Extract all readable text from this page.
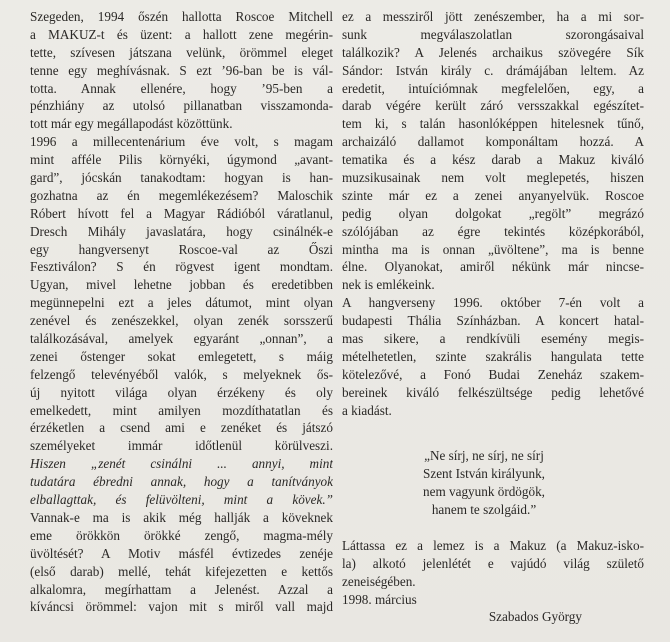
Szegeden, 1994 őszén hallotta Roscoe Mitchell
a MAKUZ-t és üzent: a hallott zene megérin-
tette, szívesen játszana velünk, örömmel eleget
tenne egy meghívásnak. S ezt ’96-ban be is vál-
totta. Annak ellenére, hogy ’95-ben a
pénzhiány az utolsó pillanatban visszamonda-
tott már egy megállapodást közöttünk.
1996 a millecentenárium éve volt, s magam
mint afféle Pilis környéki, úgymond „avant-
gard”, jócskán tanakodtam: hogyan is han-
gozhatna az én megemlékezésem? Maloschik
Róbert hívott fel a Magyar Rádióból váratlanul,
Dresch Mihály javaslatára, hogy csinálnék-e
egy hangversenyt Roscoe-val az Őszi
Fesztiválon? S én rögvest igent mondtam.
Ugyan, mivel lehetne jobban és eredetibben
megünnepelni ezt a jeles dátumot, mint olyan
zenével és zenészekkel, olyan zenék sorsszerű
találkozásával, amelyek egyaránt „onnan”, a
zenei őstenger sokat emlegetett, s máig
felzengő televényéből valók, s melyeknek ős-
új nyitott világa olyan érzékeny és oly
emelkedett, mint amilyen mozdíthatatlan és
érzéketlen a csend ami e zenéket és játszó
személyeket immár időtlenül körülveszi.
Hiszen „zenét csinálni ... annyi, mint
tudatára ébredni annak, hogy a tanítványok
elballagttak, és felüvölteni, mint a kövek.”
Vannak-e ma is akik még hallják a köveknek
eme örökkön örökké zengő, magma-mély
üvöltését? A Motiv másfél évtizedes zenéje
(első darab) mellé, tehát kifejezetten e kettős
alkalomra, megírhattam a Jelenést. Azzal a
kíváncsi örömmel: vajon mit s miről vall majd
ez a messziről jött zenészember, ha a mi sor-
sunk megválaszolatlan szorongásaival
találkozik? A Jelenés archaikus szövegére Sík
Sándor: István király c. drámájában leltem. Az
eredetit, intuíciómnak megfelelően, egy, a
darab végére került záró versszakkal egészítet-
tem ki, s talán hasonlóképpen hitelesnek tűnő,
archaizáló dallamot komponáltam hozzá. A
tematika és a kész darab a Makuz kiváló
muzsikusainak nem volt meglepetés, hiszen
szinte már ez a zenei anyanyelvük. Roscoe
pedig olyan dolgokat „regölt” megrázó
szólójában az égre tekintés középkorából,
mintha ma is onnan „üvöltene”, ma is benne
élne. Olyanokat, amiről nékünk már nincse-
nek is emlékeink.
A hangverseny 1996. október 7-én volt a
budapesti Thália Színházban. A koncert hatal-
mas sikere, a rendkívüli esemény megis-
mételhetetlen, szinte szakrális hangulata tette
kötelezővé, a Fonó Budai Zeneház szakem-
bereinek kiváló felkészültsége pedig lehetővé
a kiadást.
„Ne sírj, ne sírj, ne sírj
Szent István királyunk,
nem vagyunk ördögök,
hanem te szolgáid.”
Láttassa ez a lemez is a Makuz (a Makuz-isko-
la) alkotó jelenlétét e vajúdó világ születő
zeneiségében.
1998. március
Szabados György
